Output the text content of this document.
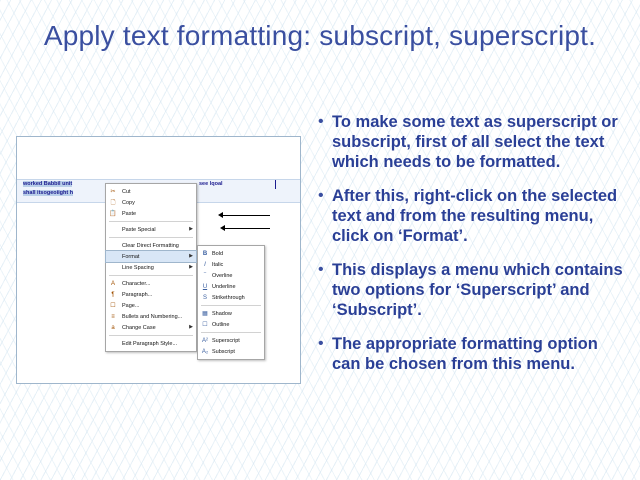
Apply text formatting: subscript, superscript.
worked Babbil unit
shall itsogeoiight h
see lqoal
✂ Cut
🗋 Copy
📋 Paste
Paste Special	▶
Clear Direct Formatting
Format	▶
Line Spacing	▶
A	Character...
¶	Paragraph...
☐ Page...
≡	Bullets and Numbering...
a	Change Case	▶
Edit Paragraph Style...
B Bold
I	Italic
‾	Overline
U Underline
S Strikethrough
▦ Shadow
☐ Outline
A² Superscript
A₂ Subscript
• To make some text as superscript or subscript, first of all select the text which needs to be formatted.
• After this, right-click on the selected text and from the resulting menu, click on ‘Format’.
• This displays a menu which contains two options for ‘Superscript’ and ‘Subscript’.
• The appropriate formatting option can be chosen from this menu.
